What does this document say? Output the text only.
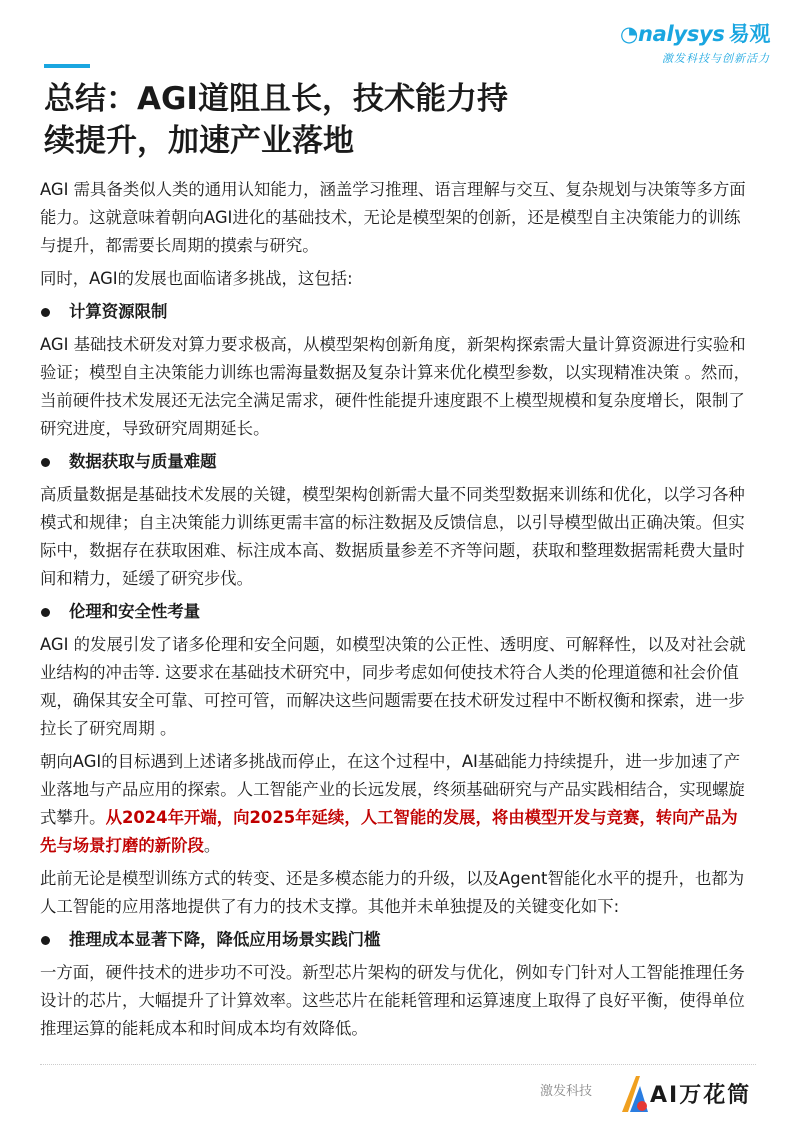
◔nalysys 易观
激发科技与创新活力
总结：AGI道阻且长，技术能力持
续提升，加速产业落地

AGI 需具备类似人类的通用认知能力，涵盖学习推理、语言理解与交互、复杂规划与决策等多方面能力。这就意味着朝向AGI进化的基础技术，无论是模型架的创新，还是模型自主决策能力的训练与提升，都需要长周期的摸索与研究。

同时，AGI的发展也面临诸多挑战，这包括:

计算资源限制

AGI 基础技术研发对算力要求极高，从模型架构创新角度，新架构探索需大量计算资源进行实验和验证；模型自主决策能力训练也需海量数据及复杂计算来优化模型参数，以实现精准决策 。然而，当前硬件技术发展还无法完全满足需求，硬件性能提升速度跟不上模型规模和复杂度增长，限制了研究进度，导致研究周期延长。

数据获取与质量难题

高质量数据是基础技术发展的关键，模型架构创新需大量不同类型数据来训练和优化，以学习各种模式和规律；自主决策能力训练更需丰富的标注数据及反馈信息，以引导模型做出正确决策。但实际中，数据存在获取困难、标注成本高、数据质量参差不齐等问题，获取和整理数据需耗费大量时间和精力，延缓了研究步伐。

伦理和安全性考量

AGI 的发展引发了诸多伦理和安全问题，如模型决策的公正性、透明度、可解释性，以及对社会就业结构的冲击等. 这要求在基础技术研究中，同步考虑如何使技术符合人类的伦理道德和社会价值观，确保其安全可靠、可控可管，而解决这些问题需要在技术研发过程中不断权衡和探索，进一步拉长了研究周期 。

朝向AGI的目标遇到上述诸多挑战而停止，在这个过程中，AI基础能力持续提升，进一步加速了产业落地与产品应用的探索。人工智能产业的长远发展，终须基础研究与产品实践相结合，实现螺旋式攀升。从2024年开端，向2025年延续，人工智能的发展，将由模型开发与竞赛，转向产品为先与场景打磨的新阶段。

此前无论是模型训练方式的转变、还是多模态能力的升级，以及Agent智能化水平的提升，也都为人工智能的应用落地提供了有力的技术支撑。其他并未单独提及的关键变化如下:

推理成本显著下降，降低应用场景实践门槛

一方面，硬件技术的进步功不可没。新型芯片架构的研发与优化，例如专门针对人工智能推理任务设计的芯片，大幅提升了计算效率。这些芯片在能耗管理和运算速度上取得了良好平衡，使得单位推理运算的能耗成本和时间成本均有效降低。

激发科技	AI万花筒
